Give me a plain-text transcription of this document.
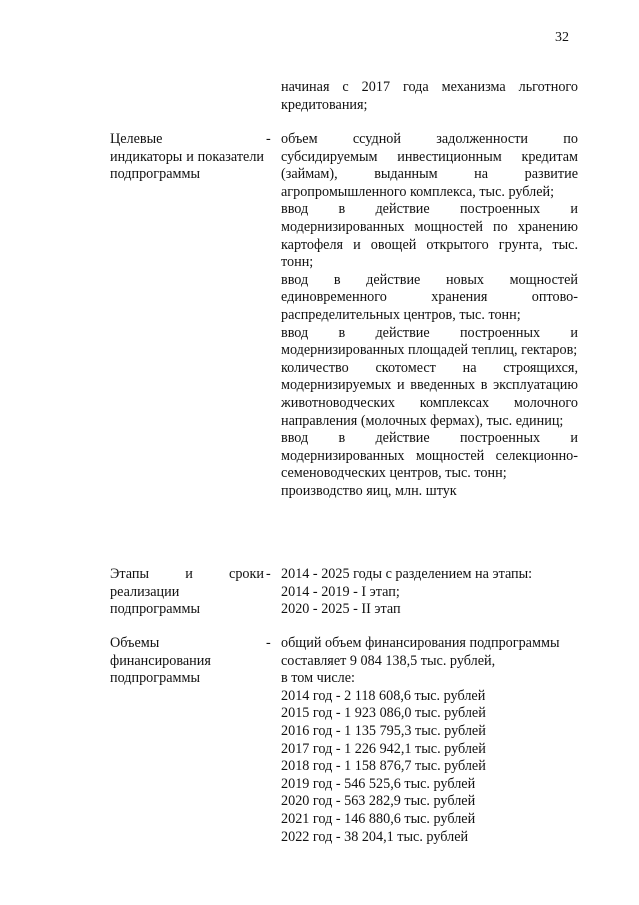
32

начиная с 2017 года механизма льготного кредитования;

Целевые
индикаторы и показатели
подпрограммы
- объем ссудной задолженности по субсидируемым инвестиционным кредитам (займам), выданным на развитие агропромышленного комплекса, тыс. рублей;

ввод в действие построенных и модернизированных мощностей по хранению картофеля и овощей открытого грунта, тыс. тонн;

ввод в действие новых мощностей единовременного хранения оптово-распределительных центров, тыс. тонн;

ввод в действие построенных и модернизированных площадей теплиц, гектаров;

количество скотомест на строящихся, модернизируемых и введенных в эксплуатацию животноводческих комплексах молочного направления (молочных фермах), тыс. единиц;

ввод в действие построенных и модернизированных мощностей селекционно-семеноводческих центров, тыс. тонн;

производство яиц, млн. штук

Этапы и сроки
реализации
подпрограммы
- 2014 - 2025 годы с разделением на этапы:

2014 - 2019 - I этап;

2020 - 2025 - II этап

Объемы
финансирования
подпрограммы
- общий объем финансирования подпрограммы составляет 9 084 138,5 тыс. рублей,

в том числе:

2014 год - 2 118 608,6 тыс. рублей

2015 год - 1 923 086,0 тыс. рублей

2016 год - 1 135 795,3 тыс. рублей

2017 год - 1 226 942,1 тыс. рублей

2018 год - 1 158 876,7 тыс. рублей

2019 год - 546 525,6 тыс. рублей

2020 год - 563 282,9 тыс. рублей

2021 год - 146 880,6 тыс. рублей

2022 год - 38 204,1 тыс. рублей
